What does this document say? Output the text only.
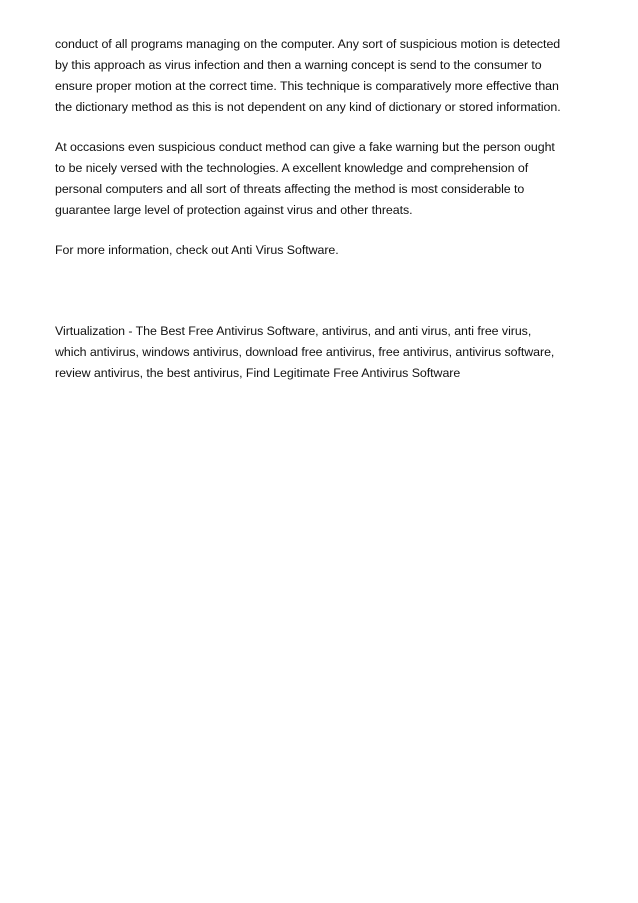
conduct of all programs managing on the computer. Any sort of suspicious motion is detected
by this approach as virus infection and then a warning concept is send to the consumer to
ensure proper motion at the correct time. This technique is comparatively more effective than
the dictionary method as this is not dependent on any kind of dictionary or stored information.

At occasions even suspicious conduct method can give a fake warning but the person ought
to be nicely versed with the technologies. A excellent knowledge and comprehension of
personal computers and all sort of threats affecting the method is most considerable to
guarantee large level of protection against virus and other threats.

For more information, check out Anti Virus Software.

Virtualization - The Best Free Antivirus Software, antivirus, and anti virus, anti free virus,
which antivirus, windows antivirus, download free antivirus, free antivirus, antivirus software,
review antivirus, the best antivirus, Find Legitimate Free Antivirus Software
